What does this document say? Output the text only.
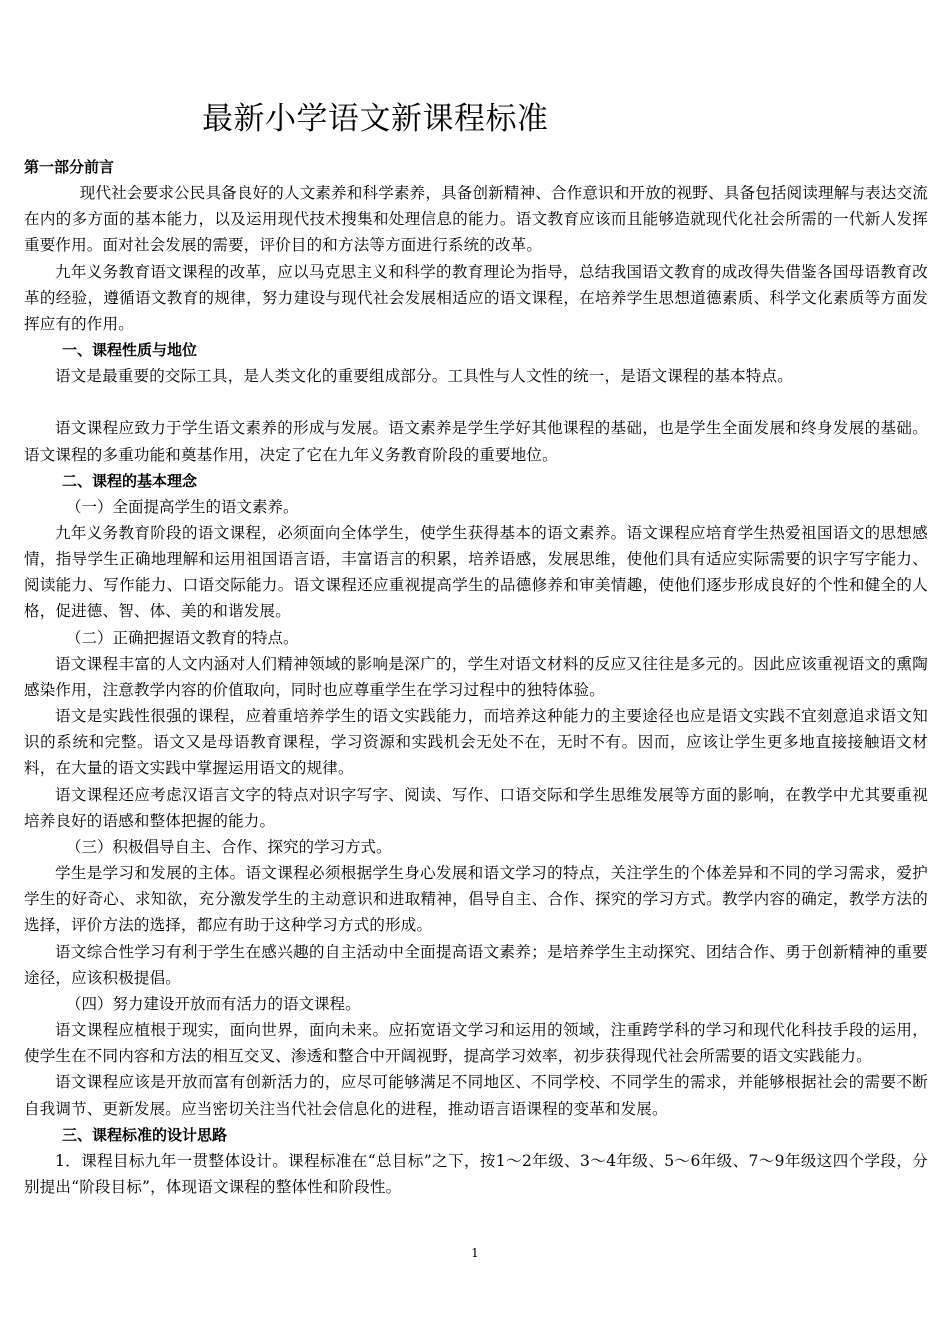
最新小学语文新课程标准

第一部分前言

现代社会要求公民具备良好的人文素养和科学素养，具备创新精神、合作意识和开放的视野、具备包括阅读理解与表达交流在内的多方面的基本能力，以及运用现代技术搜集和处理信息的能力。语文教育应该而且能够造就现代化社会所需的一代新人发挥重要作用。面对社会发展的需要，评价目的和方法等方面进行系统的改革。

九年义务教育语文课程的改革，应以马克思主义和科学的教育理论为指导，总结我国语文教育的成改得失借鉴各国母语教育改革的经验，遵循语文教育的规律，努力建设与现代社会发展相适应的语文课程，在培养学生思想道德素质、科学文化素质等方面发挥应有的作用。

一、课程性质与地位

语文是最重要的交际工具，是人类文化的重要组成部分。工具性与人文性的统一，是语文课程的基本特点。

语文课程应致力于学生语文素养的形成与发展。语文素养是学生学好其他课程的基础，也是学生全面发展和终身发展的基础。语文课程的多重功能和奠基作用，决定了它在九年义务教育阶段的重要地位。

二、课程的基本理念

（一）全面提高学生的语文素养。

九年义务教育阶段的语文课程，必须面向全体学生，使学生获得基本的语文素养。语文课程应培育学生热爱祖国语文的思想感情，指导学生正确地理解和运用祖国语言语，丰富语言的积累，培养语感，发展思维，使他们具有适应实际需要的识字写字能力、阅读能力、写作能力、口语交际能力。语文课程还应重视提高学生的品德修养和审美情趣，使他们逐步形成良好的个性和健全的人格，促进德、智、体、美的和谐发展。

（二）正确把握语文教育的特点。

语文课程丰富的人文内涵对人们精神领域的影响是深广的，学生对语文材料的反应又往往是多元的。因此应该重视语文的熏陶感染作用，注意教学内容的价值取向，同时也应尊重学生在学习过程中的独特体验。

语文是实践性很强的课程，应着重培养学生的语文实践能力，而培养这种能力的主要途径也应是语文实践不宜刻意追求语文知识的系统和完整。语文又是母语教育课程，学习资源和实践机会无处不在，无时不有。因而，应该让学生更多地直接接触语文材料，在大量的语文实践中掌握运用语文的规律。

语文课程还应考虑汉语言文字的特点对识字写字、阅读、写作、口语交际和学生思维发展等方面的影响，在教学中尤其要重视培养良好的语感和整体把握的能力。

（三）积极倡导自主、合作、探究的学习方式。

学生是学习和发展的主体。语文课程必须根据学生身心发展和语文学习的特点，关注学生的个体差异和不同的学习需求，爱护学生的好奇心、求知欲，充分激发学生的主动意识和进取精神，倡导自主、合作、探究的学习方式。教学内容的确定，教学方法的选择，评价方法的选择，都应有助于这种学习方式的形成。

语文综合性学习有利于学生在感兴趣的自主活动中全面提高语文素养；是培养学生主动探究、团结合作、勇于创新精神的重要途径，应该积极提倡。

（四）努力建设开放而有活力的语文课程。

语文课程应植根于现实，面向世界，面向未来。应拓宽语文学习和运用的领域，注重跨学科的学习和现代化科技手段的运用，使学生在不同内容和方法的相互交叉、渗透和整合中开阔视野，提高学习效率，初步获得现代社会所需要的语文实践能力。

语文课程应该是开放而富有创新活力的，应尽可能够满足不同地区、不同学校、不同学生的需求，并能够根据社会的需要不断自我调节、更新发展。应当密切关注当代社会信息化的进程，推动语言语课程的变革和发展。

三、课程标准的设计思路

1．课程目标九年一贯整体设计。课程标准在“总目标”之下，按1～2年级、3～4年级、5～6年级、7～9年级这四个学段，分别提出“阶段目标”，体现语文课程的整体性和阶段性。

1
